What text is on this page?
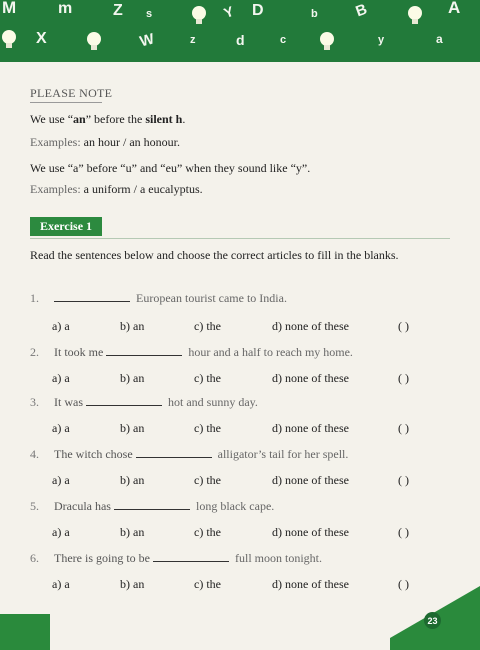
M	m	Z s	Y D	b B	A
X	W	z	d	c	y	a
PLEASE NOTE
We use “an” before the silent h.
Examples: an hour / an honour.
We use “a” before “u” and “eu” when they sound like “y”.
Examples: a uniform / a eucalyptus.
Exercise 1
Read the sentences below and choose the correct articles to fill in the blanks.
1.	European tourist came to India.
a) a	b) an	c) the	d) none of these	( )
2. It took me	hour and a half to reach my home.
a) a	b) an	c) the	d) none of these	( )
3. It was	hot and sunny day.
a) a	b) an	c) the	d) none of these	( )
4. The witch chose	alligator’s tail for her spell.
a) a	b) an	c) the	d) none of these	( )
5. Dracula has	long black cape.
a) a	b) an	c) the	d) none of these	( )
6. There is going to be	full moon tonight.
a) a	b) an	c) the	d) none of these	( )
23
